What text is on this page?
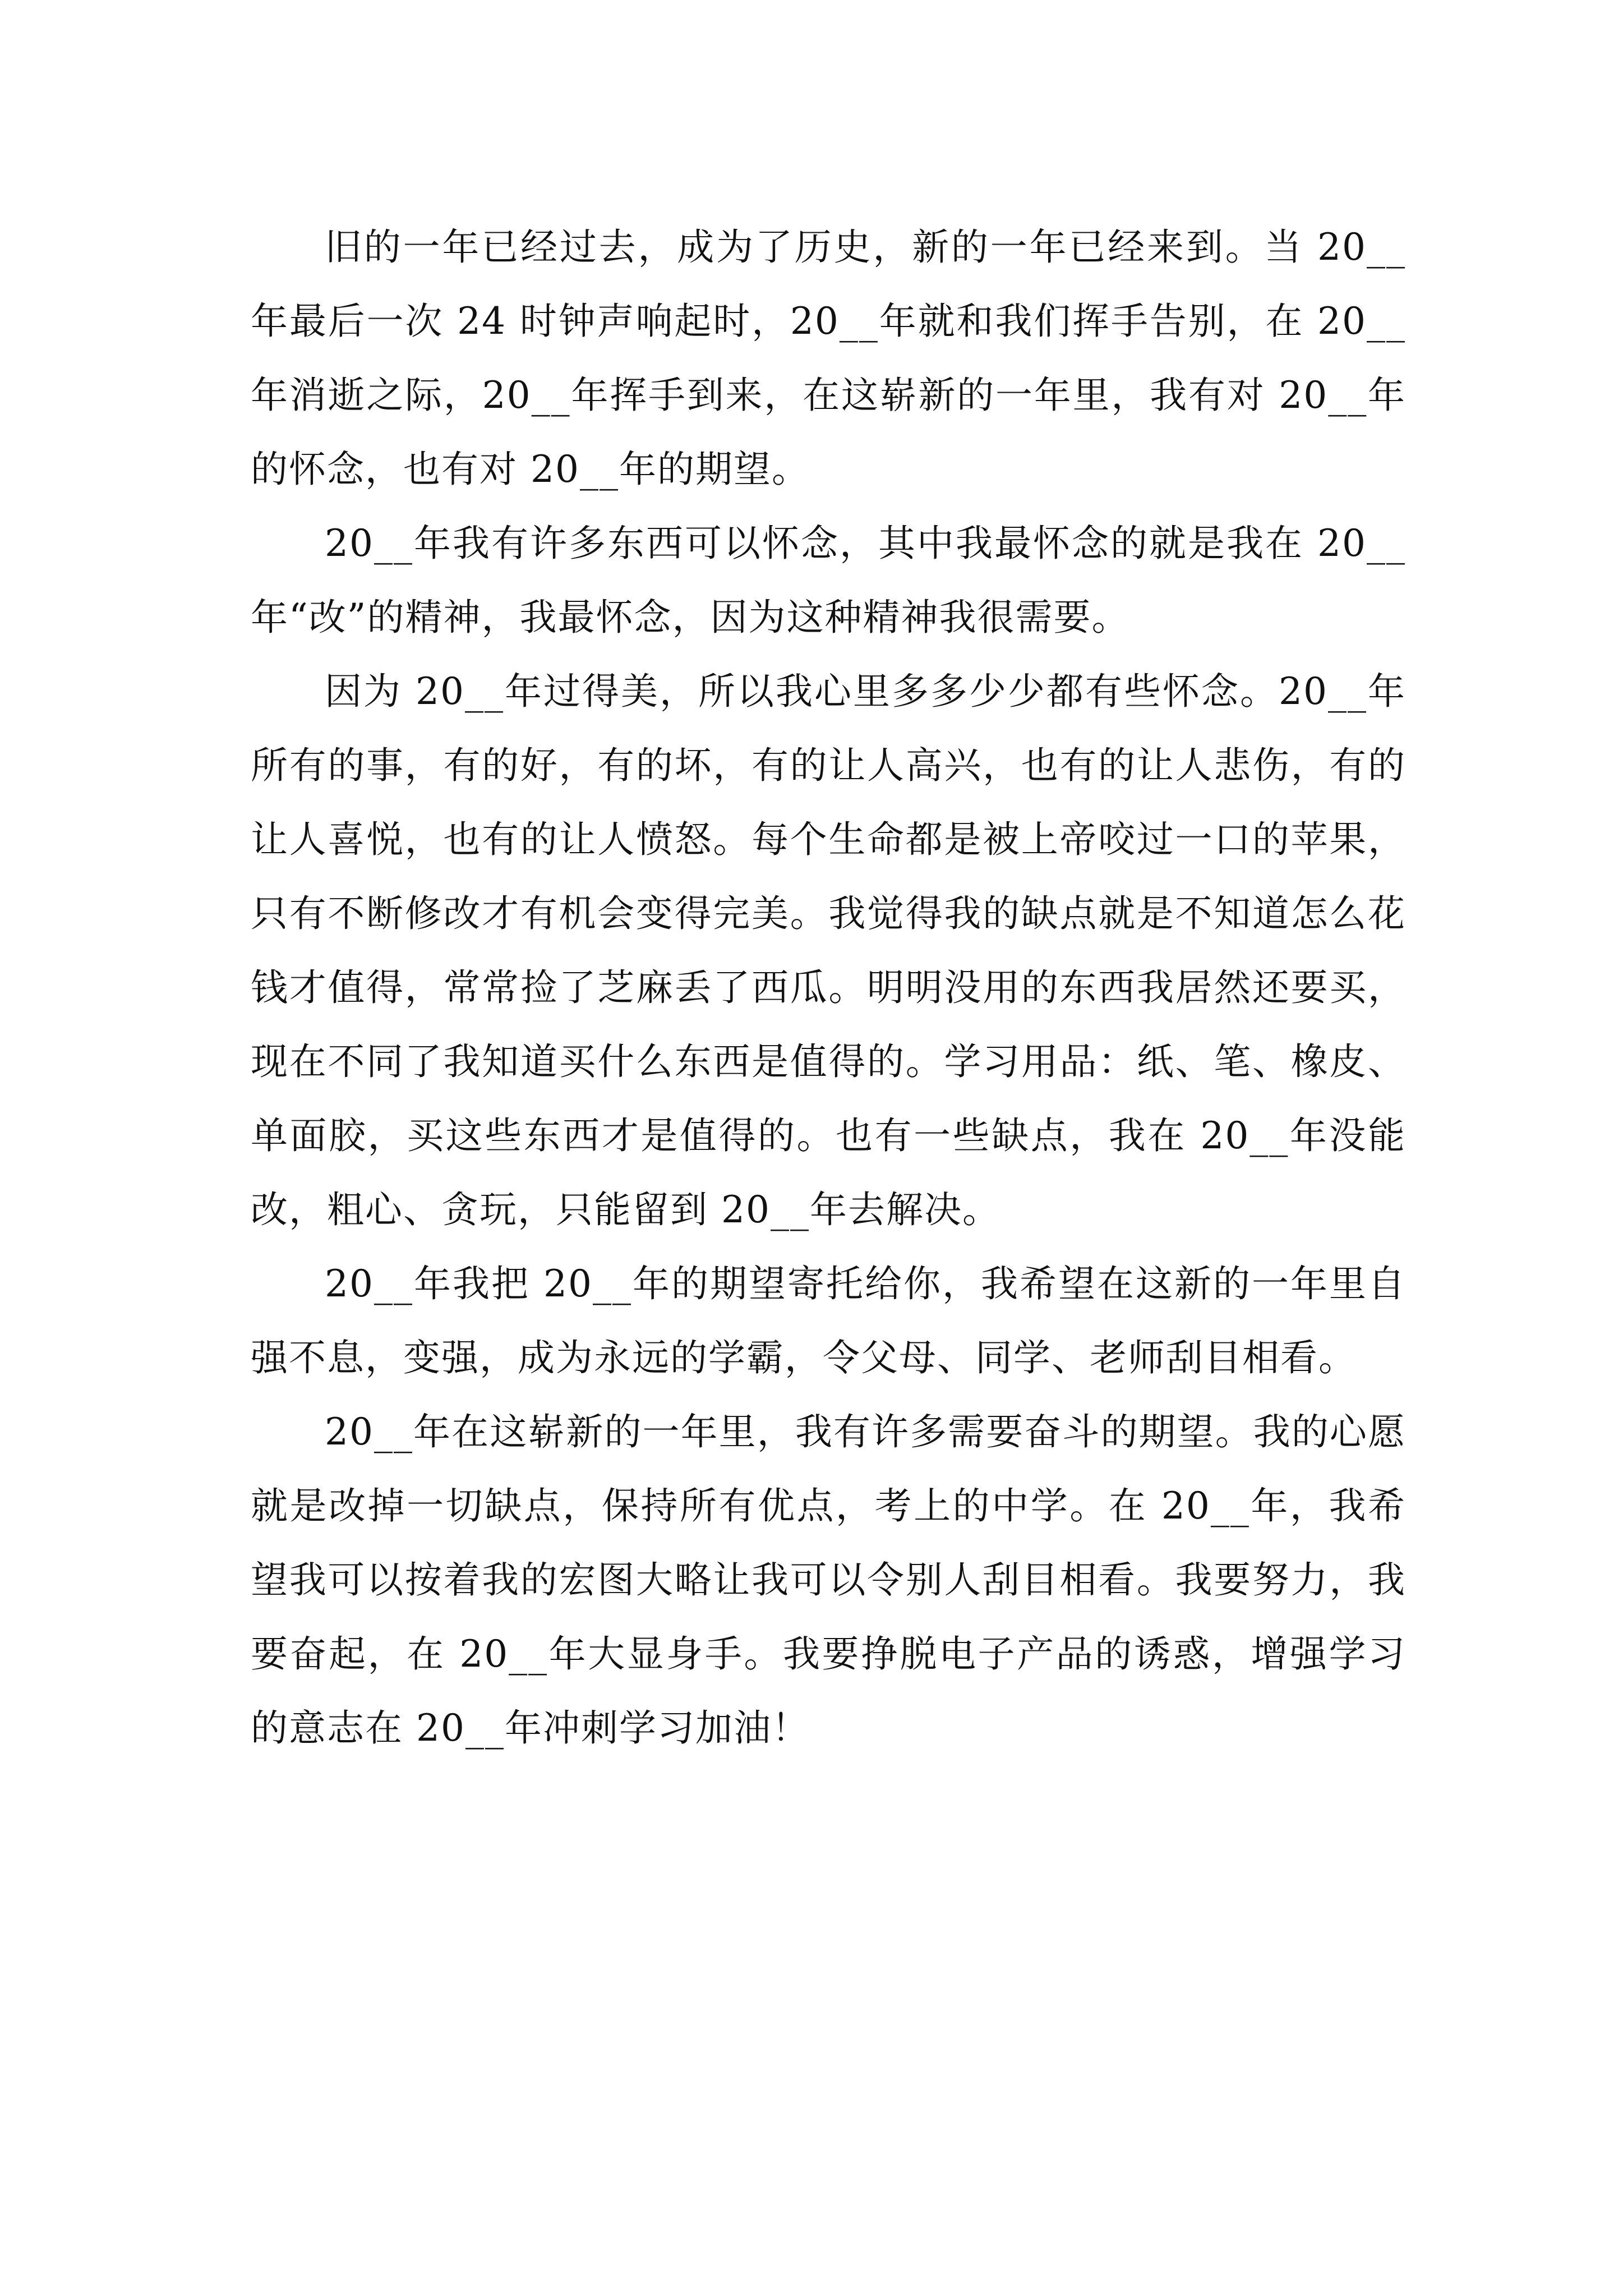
旧的一年已经过去，成为了历史，新的一年已经来到。当 20__年最后一次 24 时钟声响起时，20__年就和我们挥手告别，在 20__年消逝之际，20__年挥手到来，在这崭新的一年里，我有对 20__年的怀念，也有对 20__年的期望。

20__年我有许多东西可以怀念，其中我最怀念的就是我在 20__年“改”的精神，我最怀念，因为这种精神我很需要。

因为 20__年过得美，所以我心里多多少少都有些怀念。20__年所有的事，有的好，有的坏，有的让人高兴，也有的让人悲伤，有的让人喜悦，也有的让人愤怒。每个生命都是被上帝咬过一口的苹果，只有不断修改才有机会变得完美。我觉得我的缺点就是不知道怎么花钱才值得，常常捡了芝麻丢了西瓜。明明没用的东西我居然还要买，现在不同了我知道买什么东西是值得的。学习用品：纸、笔、橡皮、单面胶，买这些东西才是值得的。也有一些缺点，我在 20__年没能改，粗心、贪玩，只能留到 20__年去解决。

20__年我把 20__年的期望寄托给你，我希望在这新的一年里自强不息，变强，成为永远的学霸，令父母、同学、老师刮目相看。

20__年在这崭新的一年里，我有许多需要奋斗的期望。我的心愿就是改掉一切缺点，保持所有优点，考上的中学。在 20__年，我希望我可以按着我的宏图大略让我可以令别人刮目相看。我要努力，我要奋起，在 20__年大显身手。我要挣脱电子产品的诱惑，增强学习的意志在 20__年冲刺学习加油！
